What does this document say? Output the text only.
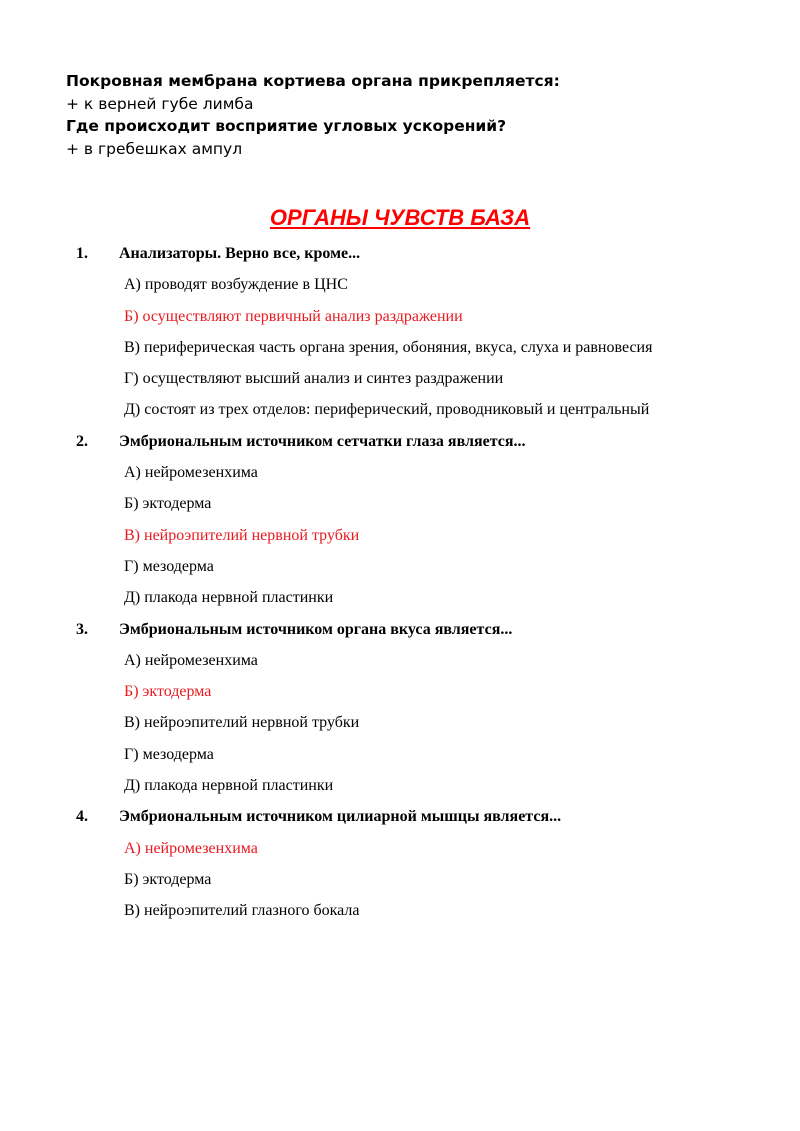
Покровная мембрана кортиева органа прикрепляется:
+ к верней губе лимба
Где происходит восприятие угловых ускорений?
+ в гребешках ампул
ОРГАНЫ ЧУВСТВ БАЗА
1. Анализаторы. Верно все, кроме...
А) проводят возбуждение в ЦНС
Б) осуществляют первичный анализ раздражении
В) периферическая часть органа зрения, обоняния, вкуса, слуха и равновесия
Г) осуществляют высший анализ и синтез раздражении
Д) состоят из трех отделов: периферический, проводниковый и центральный
2. Эмбриональным источником сетчатки глаза является...
А) нейромезенхима
Б) эктодерма
В) нейроэпителий нервной трубки
Г) мезодерма
Д) плакода нервной пластинки
3. Эмбриональным источником органа вкуса является...
А) нейромезенхима
Б) эктодерма
В) нейроэпителий нервной трубки
Г) мезодерма
Д) плакода нервной пластинки
4. Эмбриональным источником цилиарной мышцы является...
А) нейромезенхима
Б) эктодерма
В) нейроэпителий глазного бокала
